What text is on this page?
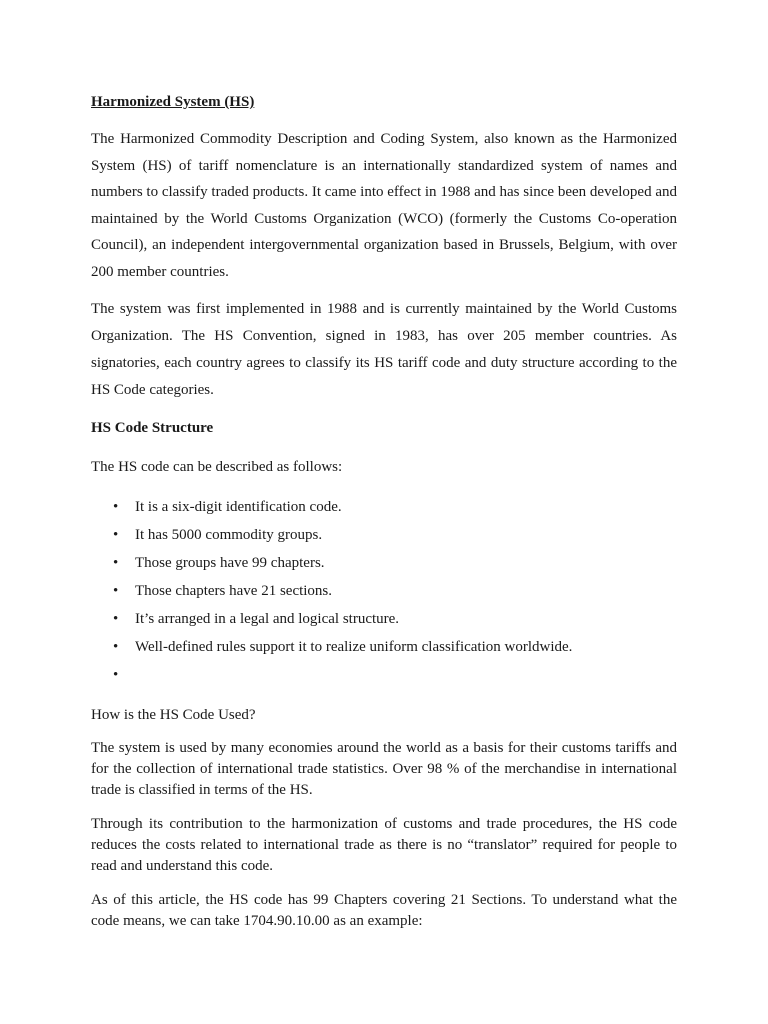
Harmonized System (HS)

The Harmonized Commodity Description and Coding System, also known as the Harmonized System (HS) of tariff nomenclature is an internationally standardized system of names and numbers to classify traded products. It came into effect in 1988 and has since been developed and maintained by the World Customs Organization (WCO) (formerly the Customs Co-operation Council), an independent intergovernmental organization based in Brussels, Belgium, with over 200 member countries.

The system was first implemented in 1988 and is currently maintained by the World Customs Organization. The HS Convention, signed in 1983, has over 205 member countries. As signatories, each country agrees to classify its HS tariff code and duty structure according to the HS Code categories.

HS Code Structure

The HS code can be described as follows:

• It is a six-digit identification code.
• It has 5000 commodity groups.
• Those groups have 99 chapters.
• Those chapters have 21 sections.
• It’s arranged in a legal and logical structure.
• Well-defined rules support it to realize uniform classification worldwide.
•

How is the HS Code Used?

The system is used by many economies around the world as a basis for their customs tariffs and for the collection of international trade statistics. Over 98 % of the merchandise in international trade is classified in terms of the HS.

Through its contribution to the harmonization of customs and trade procedures, the HS code reduces the costs related to international trade as there is no “translator” required for people to read and understand this code.

As of this article, the HS code has 99 Chapters covering 21 Sections. To understand what the code means, we can take 1704.90.10.00 as an example:
